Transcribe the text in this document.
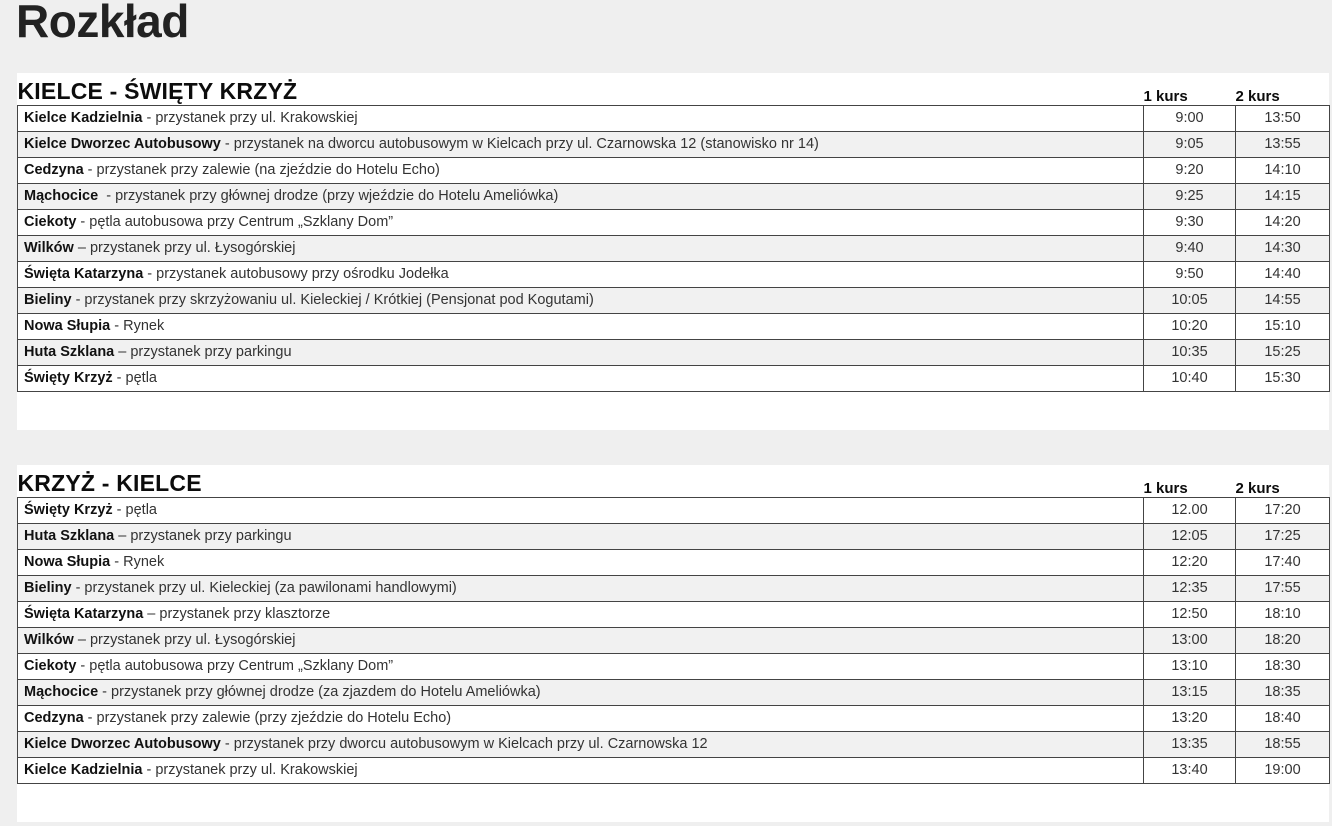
Rozkład
KIELCE - ŚWIĘTY KRZYŻ	1 kurs	2 kurs
Kielce Kadzielnia - przystanek przy ul. Krakowskiej	9:00	13:50
Kielce Dworzec Autobusowy - przystanek na dworcu autobusowym w Kielcach przy ul. Czarnowska 12 (stanowisko nr 14)	9:05	13:55
Cedzyna - przystanek przy zalewie (na zjeździe do Hotelu Echo)	9:20	14:10
Mąchocice  - przystanek przy głównej drodze (przy wjeździe do Hotelu Ameliówka)	9:25	14:15
Ciekoty - pętla autobusowa przy Centrum „Szklany Dom”	9:30	14:20
Wilków – przystanek przy ul. Łysogórskiej	9:40	14:30
Święta Katarzyna - przystanek autobusowy przy ośrodku Jodełka	9:50	14:40
Bieliny - przystanek przy skrzyżowaniu ul. Kieleckiej / Krótkiej (Pensjonat pod Kogutami)	10:05	14:55
Nowa Słupia - Rynek	10:20	15:10
Huta Szklana – przystanek przy parkingu	10:35	15:25
Święty Krzyż - pętla	10:40	15:30
KRZYŻ - KIELCE	1 kurs	2 kurs
Święty Krzyż - pętla	12.00	17:20
Huta Szklana – przystanek przy parkingu	12:05	17:25
Nowa Słupia - Rynek	12:20	17:40
Bieliny - przystanek przy ul. Kieleckiej (za pawilonami handlowymi)	12:35	17:55
Święta Katarzyna – przystanek przy klasztorze	12:50	18:10
Wilków – przystanek przy ul. Łysogórskiej	13:00	18:20
Ciekoty - pętla autobusowa przy Centrum „Szklany Dom”	13:10	18:30
Mąchocice - przystanek przy głównej drodze (za zjazdem do Hotelu Ameliówka)	13:15	18:35
Cedzyna - przystanek przy zalewie (przy zjeździe do Hotelu Echo)	13:20	18:40
Kielce Dworzec Autobusowy - przystanek przy dworcu autobusowym w Kielcach przy ul. Czarnowska 12	13:35	18:55
Kielce Kadzielnia - przystanek przy ul. Krakowskiej	13:40	19:00
